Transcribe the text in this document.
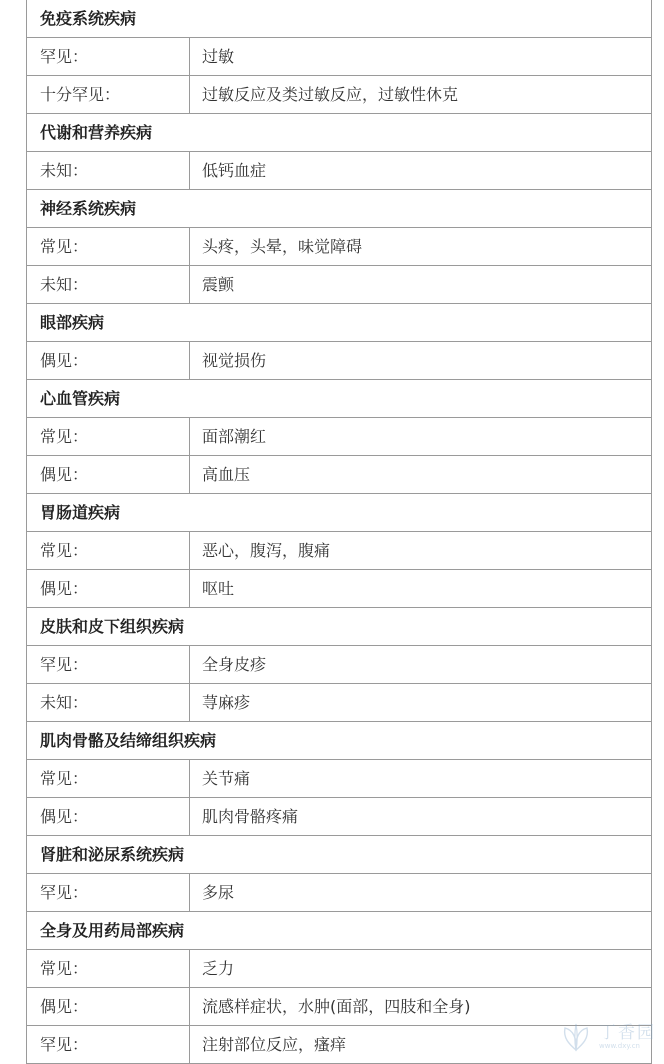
免疫系统疾病
罕见：	过敏
十分罕见：	过敏反应及类过敏反应，过敏性休克
代谢和营养疾病
未知：	低钙血症
神经系统疾病
常见：	头疼，头晕，味觉障碍
未知：	震颤
眼部疾病
偶见：	视觉损伤
心血管疾病
常见：	面部潮红
偶见：	高血压
胃肠道疾病
常见：	恶心，腹泻，腹痛
偶见：	呕吐
皮肤和皮下组织疾病
罕见：	全身皮疹
未知：	荨麻疹
肌肉骨骼及结缔组织疾病
常见：	关节痛
偶见：	肌肉骨骼疼痛
肾脏和泌尿系统疾病
罕见：	多尿
全身及用药局部疾病
常见：	乏力
偶见：	流感样症状，水肿(面部，四肢和全身)
罕见：	注射部位反应，瘙痒
丁香园
www.dxy.cn
